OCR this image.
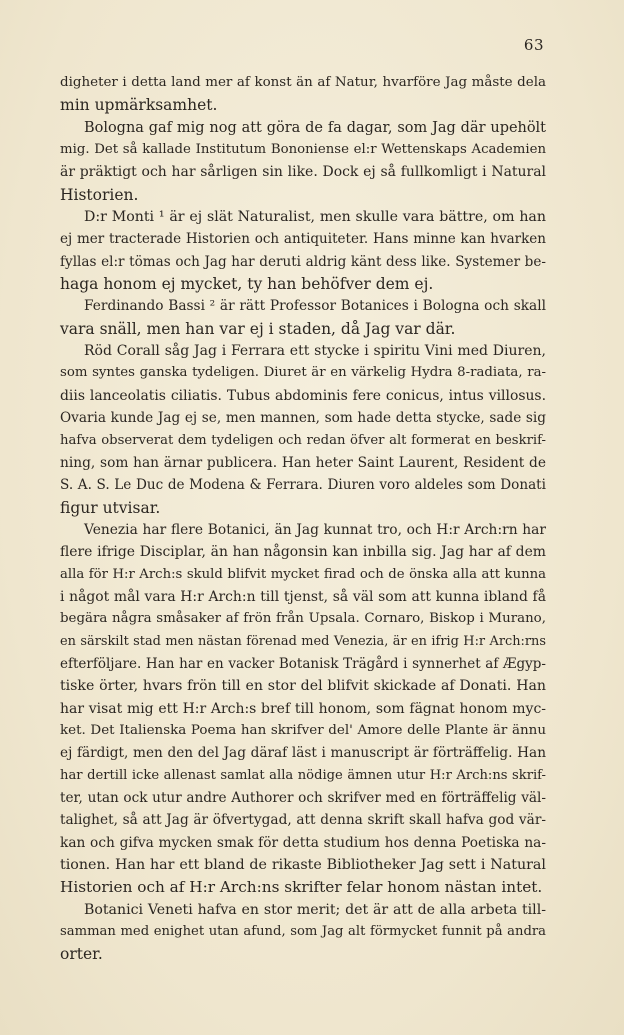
63
digheter i detta land mer af konst än af Natur, hvarföre Jag måste dela
min upmärksamhet.
Bologna gaf mig nog att göra de fa dagar, som Jag där upehölt
mig. Det så kallade Institutum Bononiense el:r Wettenskaps Academien
är präktigt och har sårligen sin like. Dock ej så fullkomligt i Natural
Historien.
D:r Monti ¹ är ej slät Naturalist, men skulle vara bättre, om han
ej mer tracterade Historien och antiquiteter. Hans minne kan hvarken
fyllas el:r tömas och Jag har deruti aldrig känt dess like. Systemer be-
haga honom ej mycket, ty han behöfver dem ej.
Ferdinando Bassi ² är rätt Professor Botanices i Bologna och skall
vara snäll, men han var ej i staden, då Jag var där.
Röd Corall såg Jag i Ferrara ett stycke i spiritu Vini med Diuren,
som syntes ganska tydeligen. Diuret är en värkelig Hydra 8-radiata, ra-
diis lanceolatis ciliatis. Tubus abdominis fere conicus, intus villosus.
Ovaria kunde Jag ej se, men mannen, som hade detta stycke, sade sig
hafva observerat dem tydeligen och redan öfver alt formerat en beskrif-
ning, som han ärnar publicera. Han heter Saint Laurent, Resident de
S. A. S. Le Duc de Modena & Ferrara. Diuren voro aldeles som Donati
figur utvisar.
Venezia har flere Botanici, än Jag kunnat tro, och H:r Arch:rn har
flere ifrige Disciplar, än han någonsin kan inbilla sig. Jag har af dem
alla för H:r Arch:s skuld blifvit mycket firad och de önska alla att kunna
i något mål vara H:r Arch:n till tjenst, så väl som att kunna ibland få
begära några småsaker af frön från Upsala. Cornaro, Biskop i Murano,
en särskilt stad men nästan förenad med Venezia, är en ifrig H:r Arch:rns
efterföljare. Han har en vacker Botanisk Trägård i synnerhet af Ægyp-
tiske örter, hvars frön till en stor del blifvit skickade af Donati. Han
har visat mig ett H:r Arch:s bref till honom, som fägnat honom myc-
ket. Det Italienska Poema han skrifver del' Amore delle Plante är ännu
ej färdigt, men den del Jag däraf läst i manuscript är förträffelig. Han
har dertill icke allenast samlat alla nödige ämnen utur H:r Arch:ns skrif-
ter, utan ock utur andre Authorer och skrifver med en förträffelig väl-
talighet, så att Jag är öfvertygad, att denna skrift skall hafva god vär-
kan och gifva mycken smak för detta studium hos denna Poetiska na-
tionen. Han har ett bland de rikaste Bibliotheker Jag sett i Natural
Historien och af H:r Arch:ns skrifter felar honom nästan intet.
Botanici Veneti hafva en stor merit; det är att de alla arbeta till-
samman med enighet utan afund, som Jag alt förmycket funnit på andra
orter.
